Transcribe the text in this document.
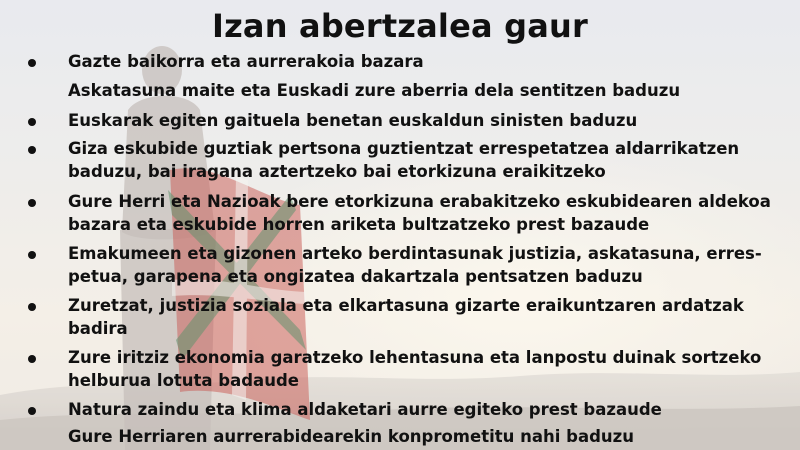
Izan abertzalea gaur
Gazte baikorra eta aurrerakoia bazara
Askatasuna maite eta Euskadi zure aberria dela sentitzen baduzu
Euskarak egiten gaituela benetan euskaldun sinisten baduzu
Giza eskubide guztiak pertsona guztientzat errespetatzea aldarrikatzen
baduzu, bai iragana aztertzeko bai etorkizuna eraikitzeko
Gure Herri eta Nazioak bere etorkizuna erabakitzeko eskubidearen aldekoa
bazara eta eskubide horren ariketa bultzatzeko prest bazaude
Emakumeen eta gizonen arteko berdintasunak justizia, askatasuna, erres-
petua, garapena eta ongizatea dakartzala pentsatzen baduzu
Zuretzat, justizia soziala eta elkartasuna gizarte eraikuntzaren ardatzak
badira
Zure iritziz ekonomia garatzeko lehentasuna eta lanpostu duinak sortzeko
helburua lotuta badaude
Natura zaindu eta klima aldaketari aurre egiteko prest bazaude
Gure Herriaren aurrerabidearekin konprometitu nahi baduzu
